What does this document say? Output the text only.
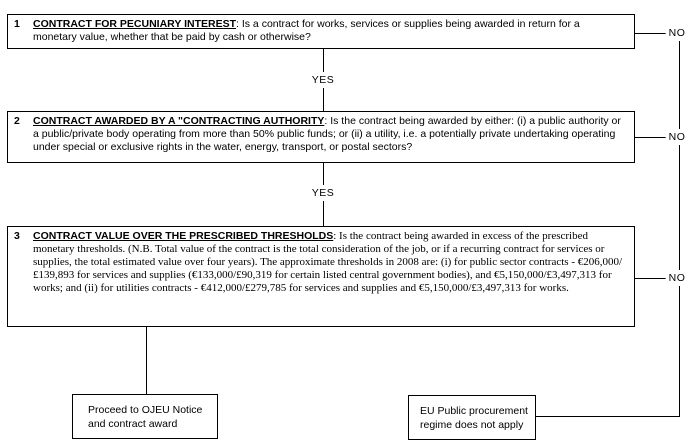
1	CONTRACT FOR PECUNIARY INTEREST: Is a contract for works, services or supplies being awarded in return for a monetary value, whether that be paid by cash or otherwise?
2	CONTRACT AWARDED BY A "CONTRACTING AUTHORITY: Is the contract being awarded by either: (i) a public authority or a public/private body operating from more than 50% public funds; or (ii) a utility, i.e. a potentially private undertaking operating under special or exclusive rights in the water, energy, transport, or postal sectors?
3	CONTRACT VALUE OVER THE PRESCRIBED THRESHOLDS: Is the contract being awarded in excess of the prescribed monetary thresholds. (N.B. Total value of the contract is the total consideration of the job, or if a recurring contract for services or supplies, the total estimated value over four years). The approximate thresholds in 2008 are: (i) for public sector contracts - €206,000/£139,893 for services and supplies (€133,000/£90,319 for certain listed central government bodies), and €5,150,000/£3,497,313 for works; and (ii) for utilities contracts - €412,000/£279,785 for services and supplies and €5,150,000/£3,497,313 for works.
YES
YES
NO
NO
NO
Proceed to OJEU Notice and contract award
EU Public procurement regime does not apply
